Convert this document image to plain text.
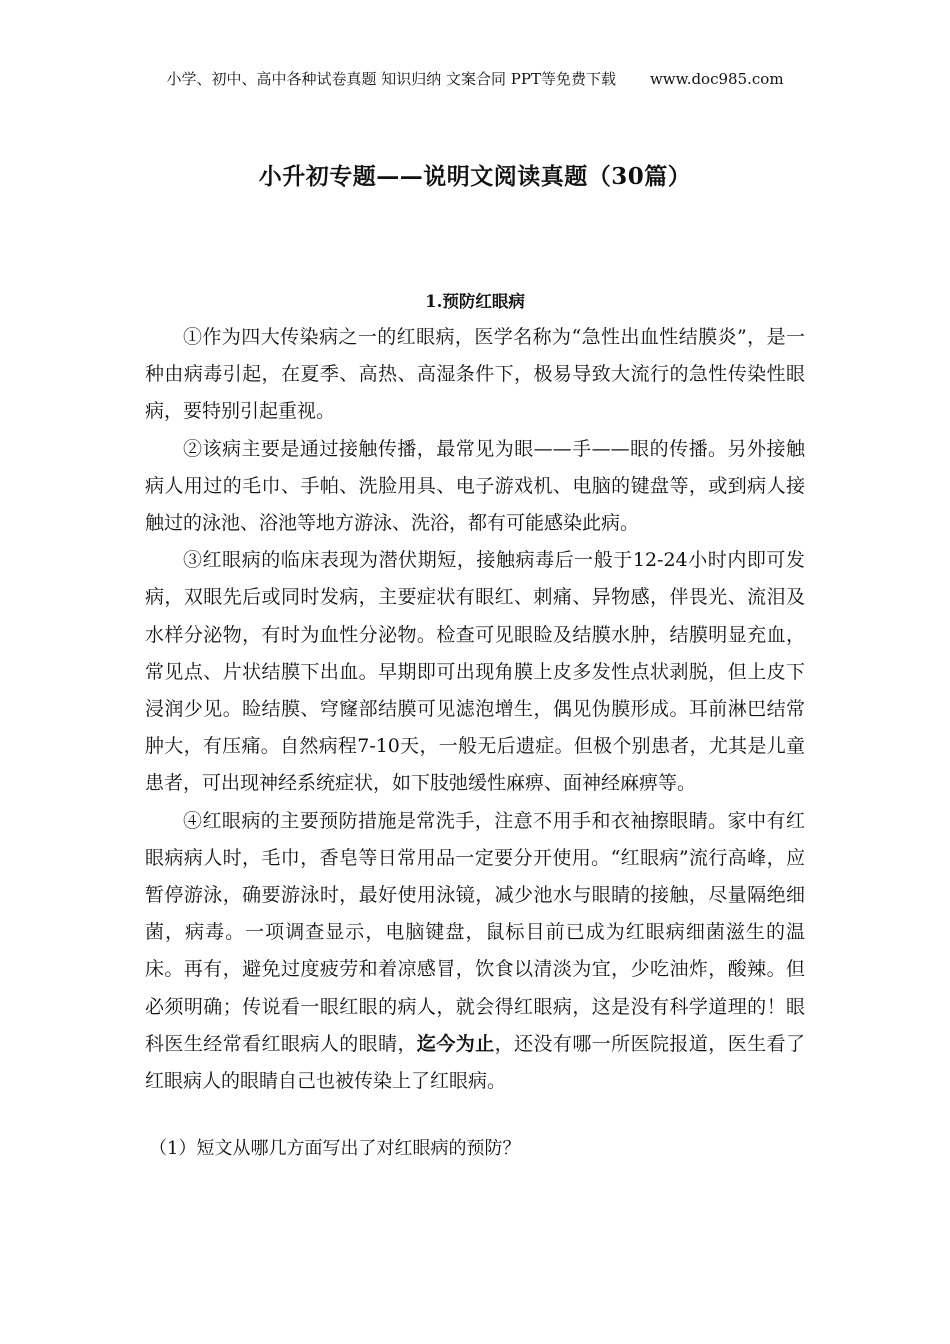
小学、初中、高中各种试卷真题 知识归纳 文案合同 PPT等免费下载 www.doc985.com
小升初专题——说明文阅读真题（30篇）
1.预防红眼病

①作为四大传染病之一的红眼病，医学名称为“急性出血性结膜炎”，是一种由病毒引起，在夏季、高热、高湿条件下，极易导致大流行的急性传染性眼病，要特别引起重视。

②该病主要是通过接触传播，最常见为眼——手——眼的传播。另外接触病人用过的毛巾、手帕、洗脸用具、电子游戏机、电脑的键盘等，或到病人接触过的泳池、浴池等地方游泳、洗浴，都有可能感染此病。

③红眼病的临床表现为潜伏期短，接触病毒后一般于12-24小时内即可发病，双眼先后或同时发病，主要症状有眼红、刺痛、异物感，伴畏光、流泪及水样分泌物，有时为血性分泌物。检查可见眼睑及结膜水肿，结膜明显充血，常见点、片状结膜下出血。早期即可出现角膜上皮多发性点状剥脱，但上皮下浸润少见。睑结膜、穹窿部结膜可见滤泡增生，偶见伪膜形成。耳前淋巴结常肿大，有压痛。自然病程7-10天，一般无后遗症。但极个别患者，尤其是儿童患者，可出现神经系统症状，如下肢弛缓性麻痹、面神经麻痹等。

④红眼病的主要预防措施是常洗手，注意不用手和衣袖擦眼睛。家中有红眼病病人时，毛巾，香皂等日常用品一定要分开使用。“红眼病”流行高峰，应暂停游泳，确要游泳时，最好使用泳镜，减少池水与眼睛的接触，尽量隔绝细菌，病毒。一项调查显示，电脑键盘，鼠标目前已成为红眼病细菌滋生的温床。再有，避免过度疲劳和着凉感冒，饮食以清淡为宜，少吃油炸，酸辣。但必须明确；传说看一眼红眼的病人，就会得红眼病，这是没有科学道理的！眼科医生经常看红眼病人的眼睛，迄今为止，还没有哪一所医院报道，医生看了红眼病人的眼睛自己也被传染上了红眼病。

（1）短文从哪几方面写出了对红眼病的预防？
